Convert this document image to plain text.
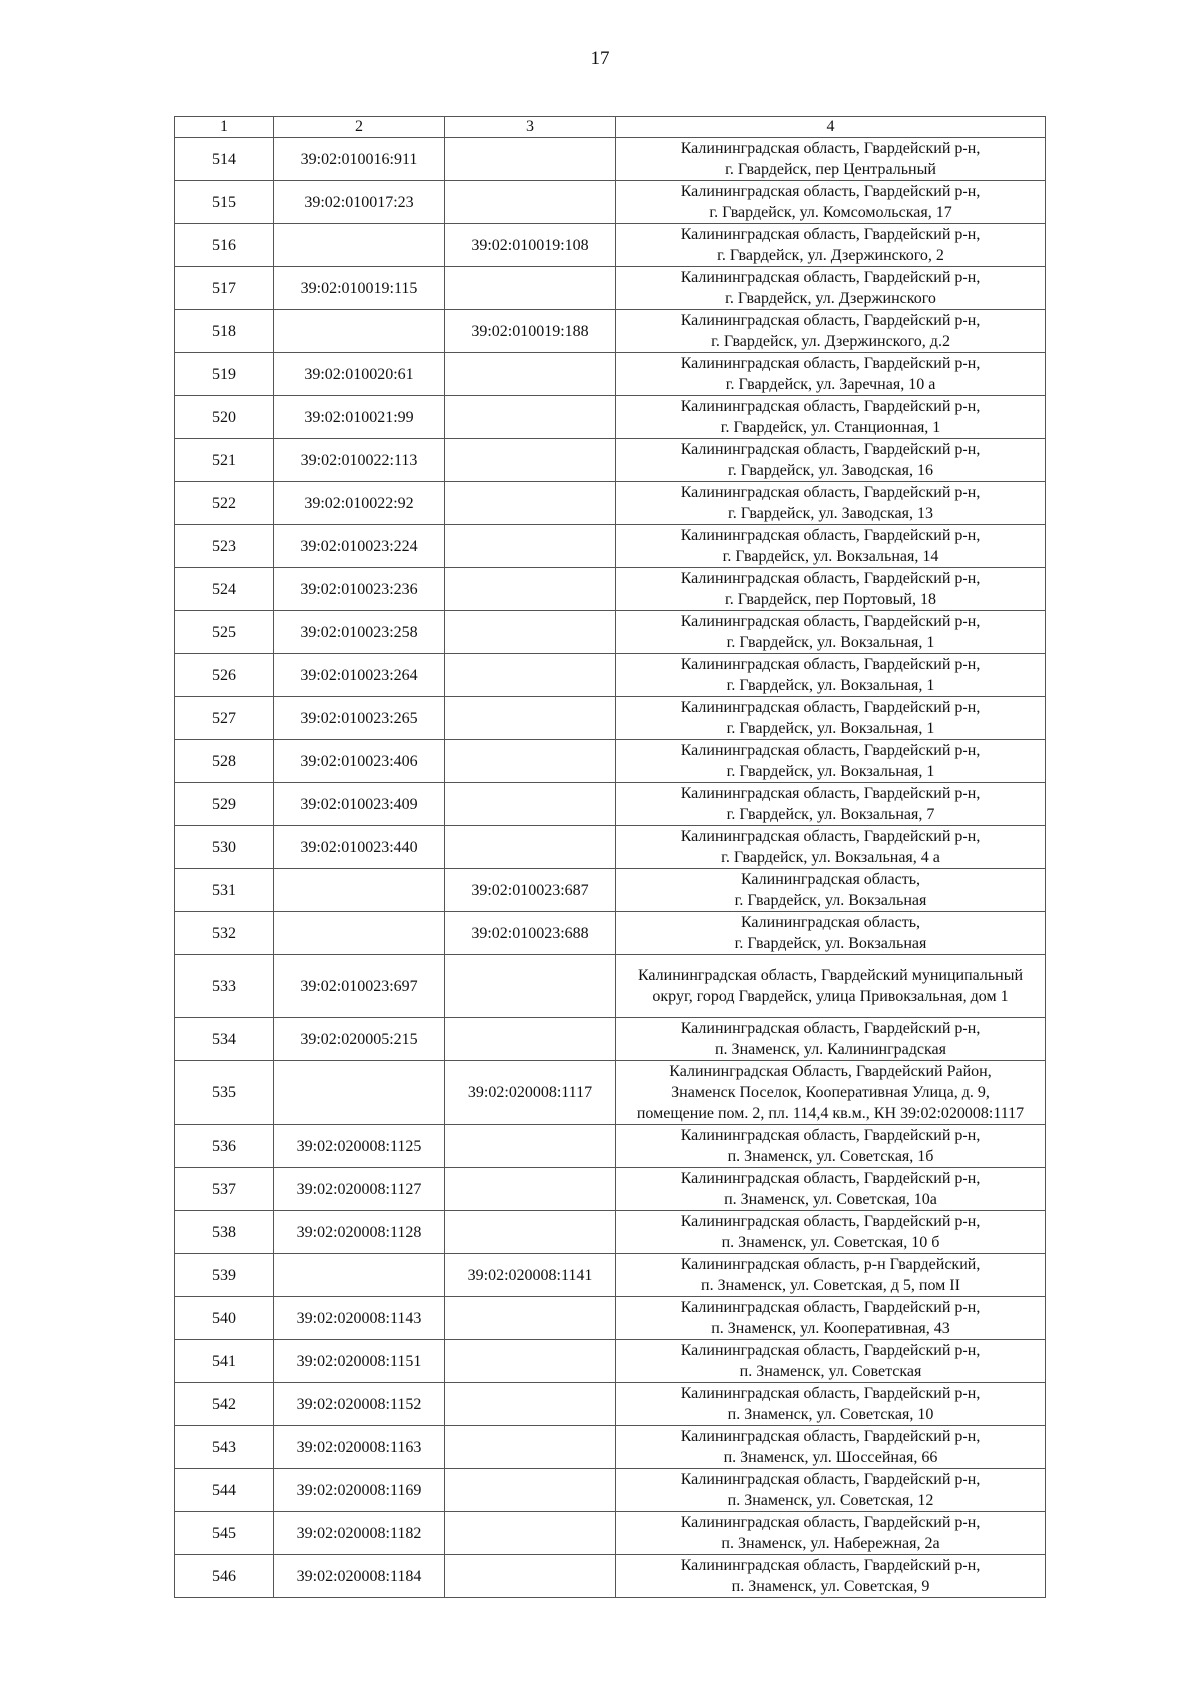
17
1	2	3	4
514	39:02:010016:911		Калининградская область, Гвардейский р-н,
г. Гвардейск, пер Центральный

515	39:02:010017:23		Калининградская область, Гвардейский р-н,
г. Гвардейск, ул. Комсомольская, 17

516		39:02:010019:108	Калининградская область, Гвардейский р-н,
г. Гвардейск, ул. Дзержинского, 2

517	39:02:010019:115		Калининградская область, Гвардейский р-н,
г. Гвардейск, ул. Дзержинского

518		39:02:010019:188	Калининградская область, Гвардейский р-н,
г. Гвардейск, ул. Дзержинского, д.2

519	39:02:010020:61		Калининградская область, Гвардейский р-н,
г. Гвардейск, ул. Заречная, 10 а

520	39:02:010021:99		Калининградская область, Гвардейский р-н,
г. Гвардейск, ул. Станционная, 1

521	39:02:010022:113		Калининградская область, Гвардейский р-н,
г. Гвардейск, ул. Заводская, 16

522	39:02:010022:92		Калининградская область, Гвардейский р-н,
г. Гвардейск, ул. Заводская, 13

523	39:02:010023:224		Калининградская область, Гвардейский р-н,
г. Гвардейск, ул. Вокзальная, 14

524	39:02:010023:236		Калининградская область, Гвардейский р-н,
г. Гвардейск, пер Портовый, 18

525	39:02:010023:258		Калининградская область, Гвардейский р-н,
г. Гвардейск, ул. Вокзальная, 1

526	39:02:010023:264		Калининградская область, Гвардейский р-н,
г. Гвардейск, ул. Вокзальная, 1

527	39:02:010023:265		Калининградская область, Гвардейский р-н,
г. Гвардейск, ул. Вокзальная, 1

528	39:02:010023:406		Калининградская область, Гвардейский р-н,
г. Гвардейск, ул. Вокзальная, 1

529	39:02:010023:409		Калининградская область, Гвардейский р-н,
г. Гвардейск, ул. Вокзальная, 7

530	39:02:010023:440		Калининградская область, Гвардейский р-н,
г. Гвардейск, ул. Вокзальная, 4 а

531		39:02:010023:687	Калининградская область,
г. Гвардейск, ул. Вокзальная

532		39:02:010023:688	Калининградская область,
г. Гвардейск, ул. Вокзальная

533	39:02:010023:697		Калининградская область, Гвардейский муниципальный
округ, город Гвардейск, улица Привокзальная, дом 1

534	39:02:020005:215		Калининградская область, Гвардейский р-н,
п. Знаменск, ул. Калининградская

535		39:02:020008:1117	Калининградская Область, Гвардейский Район,
Знаменск Поселок, Кооперативная Улица, д. 9,
помещение пом. 2, пл. 114,4 кв.м., КН 39:02:020008:1117

536	39:02:020008:1125		Калининградская область, Гвардейский р-н,
п. Знаменск, ул. Советская, 1б

537	39:02:020008:1127		Калининградская область, Гвардейский р-н,
п. Знаменск, ул. Советская, 10а

538	39:02:020008:1128		Калининградская область, Гвардейский р-н,
п. Знаменск, ул. Советская, 10 б

539		39:02:020008:1141	Калининградская область, р-н Гвардейский,
п. Знаменск, ул. Советская, д 5, пом II

540	39:02:020008:1143		Калининградская область, Гвардейский р-н,
п. Знаменск, ул. Кооперативная, 43

541	39:02:020008:1151		Калининградская область, Гвардейский р-н,
п. Знаменск, ул. Советская

542	39:02:020008:1152		Калининградская область, Гвардейский р-н,
п. Знаменск, ул. Советская, 10

543	39:02:020008:1163		Калининградская область, Гвардейский р-н,
п. Знаменск, ул. Шоссейная, 66

544	39:02:020008:1169		Калининградская область, Гвардейский р-н,
п. Знаменск, ул. Советская, 12

545	39:02:020008:1182		Калининградская область, Гвардейский р-н,
п. Знаменск, ул. Набережная, 2а

546	39:02:020008:1184		Калининградская область, Гвардейский р-н,
п. Знаменск, ул. Советская, 9
